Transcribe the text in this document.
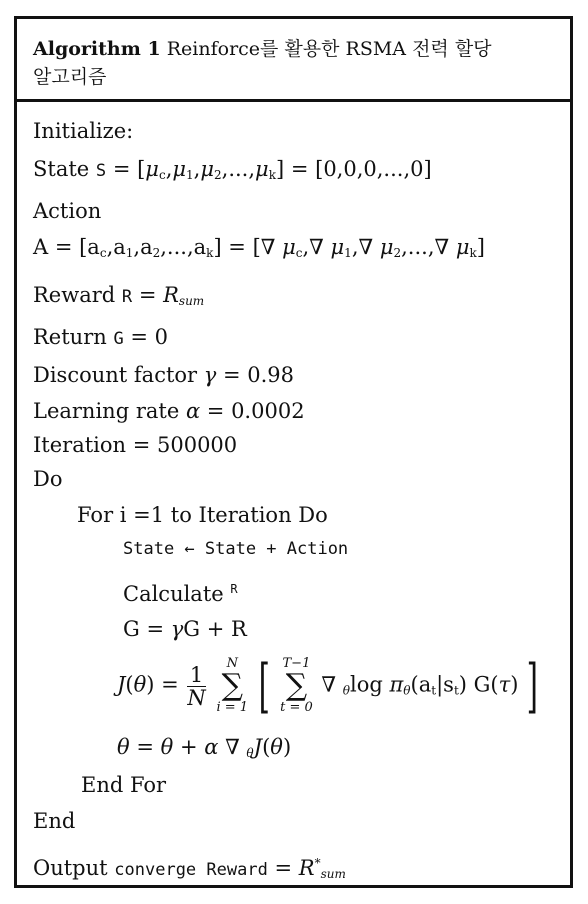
Algorithm 1 Reinforce를 활용한 RSMA 전력 할당
알고리즘
Initialize:
State $S = [\mu_c,\mu_1,\mu_2,...,\mu_k] = [0,0,0,...,0]$
Action
$A = [a_c,a_1,a_2,...,a_k]$ = [∇ $\mu_c,\nabla$ $\mu_1,\nabla$ $\mu_2,...,\nabla$ $\mu_k$]
Reward $R = R_{sum}$
Return G = 0
Discount factor γ = 0.98
Learning rate α = 0.0002
Iteration = 500000
Do
For i =1 to Iteration Do
State ← State + Action
Calculate $^R$
G = γG + R
$J(\theta) = \frac{1}{N}$
	N
∑
i = 1 [ T−1
∑
t = 0
∇ $_\theta$log $\pi_\theta(a_t|s_t)$ G(τ) ]
θ = θ + α ∇ $_\theta$J(θ)
End For
End
Output converge Reward = $R^*_{sum}$
